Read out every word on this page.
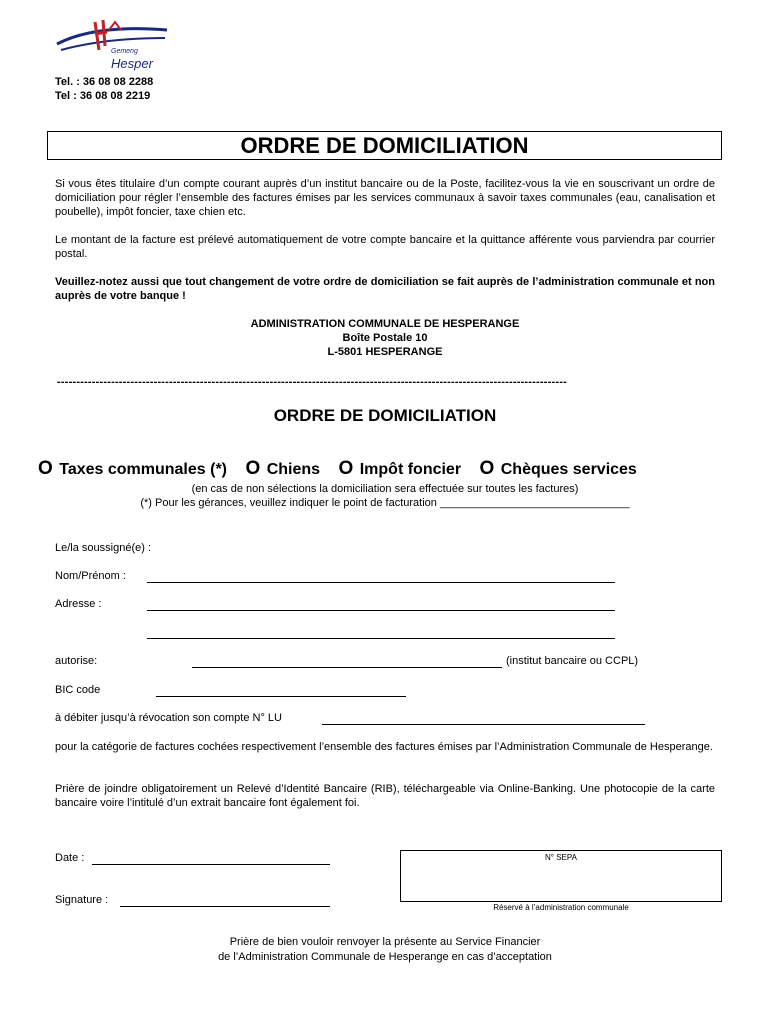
Gemeng
Hesper
Tel. : 36 08 08 2288
Tel : 36 08 08 2219
ORDRE DE DOMICILIATION
Si vous êtes titulaire d’un compte courant auprès d’un institut bancaire ou de la Poste, facilitez-vous la vie en souscrivant un ordre de domiciliation pour régler l’ensemble des factures émises par les services communaux à savoir taxes communales (eau, canalisation et poubelle), impôt foncier, taxe chien etc.
Le montant de la facture est prélevé automatiquement de votre compte bancaire et la quittance afférente vous parviendra par courrier postal.
Veuillez-notez aussi que tout changement de votre ordre de domiciliation se fait auprès de l’administration communale et non auprès de votre banque !
ADMINISTRATION COMMUNALE DE HESPERANGE
Boîte Postale 10
L-5801 HESPERANGE
------------------------------------------------------------------------------------------------------------------------------------
ORDRE DE DOMICILIATION
O Taxes communales (*) O Chiens O Impôt foncier O Chèques services
(en cas de non sélections la domiciliation sera effectuée sur toutes les factures)
(*) Pour les gérances, veuillez indiquer le point de facturation _______________________________
Le/la soussigné(e) :
Nom/Prénom :
Adresse :
autorise:	(institut bancaire ou CCPL)
BIC code
à débiter jusqu’à révocation son compte N° LU
pour la catégorie de factures cochées respectivement l’ensemble des factures émises par l’Administration Communale de Hesperange.
Prière de joindre obligatoirement un Relevé d’Identité Bancaire (RIB), téléchargeable via Online-Banking. Une photocopie de la carte bancaire voire l’intitulé d’un extrait bancaire font également foi.
Date :
Signature :
N° SEPA
Réservé à l’administration communale
Prière de bien vouloir renvoyer la présente au Service Financier
de l’Administration Communale de Hesperange en cas d’acceptation
